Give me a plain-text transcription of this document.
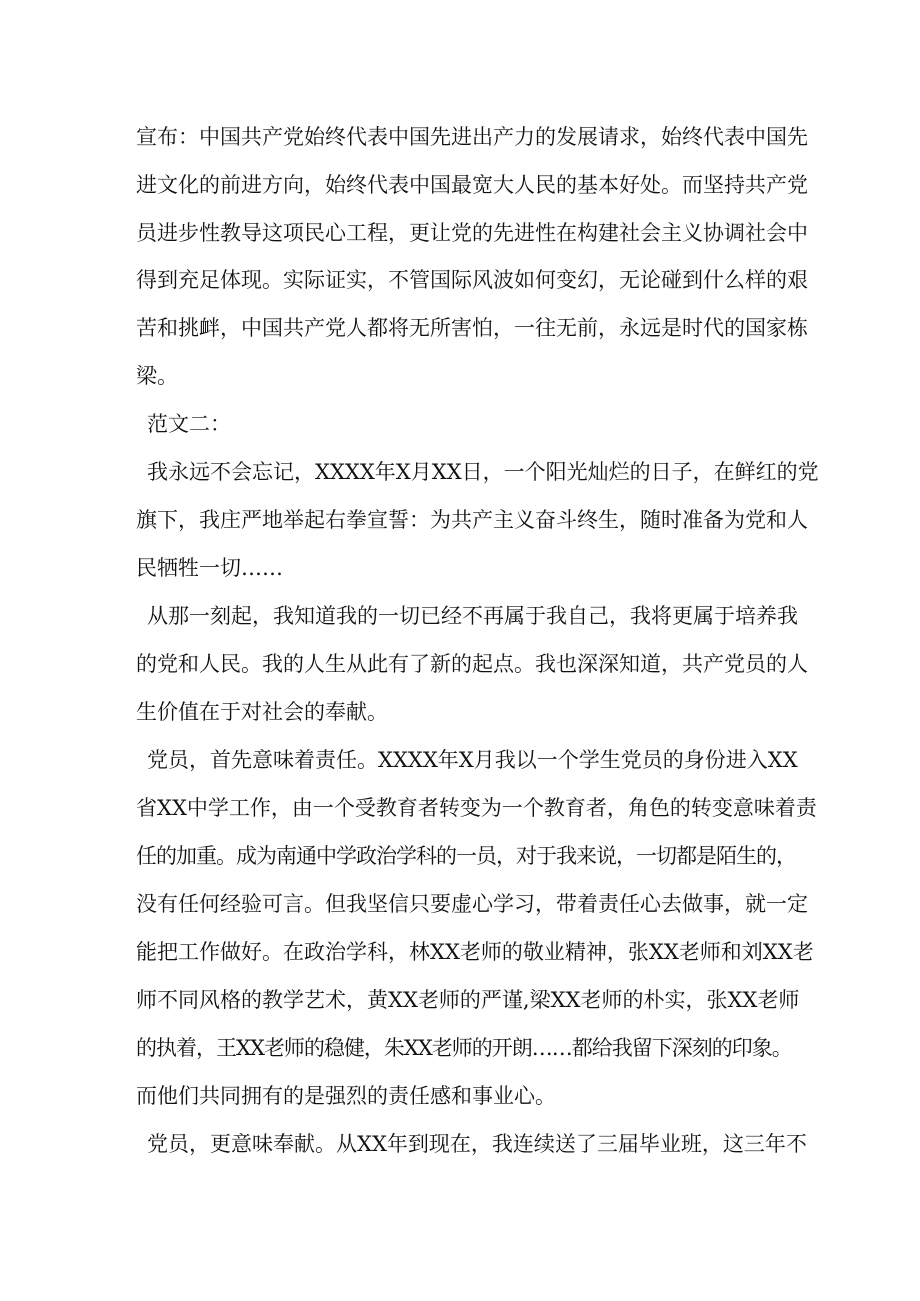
宣布：中国共产党始终代表中国先进出产力的发展请求，始终代表中国先
进文化的前进方向，始终代表中国最宽大人民的基本好处。而坚持共产党
员进步性教导这项民心工程，更让党的先进性在构建社会主义协调社会中
得到充足体现。实际证实，不管国际风波如何变幻，无论碰到什么样的艰
苦和挑衅，中国共产党人都将无所害怕，一往无前，永远是时代的国家栋
梁。
范文二：
我永远不会忘记，XXXX年X月XX日，一个阳光灿烂的日子，在鲜红的党
旗下，我庄严地举起右拳宣誓：为共产主义奋斗终生，随时准备为党和人
民牺牲一切……
从那一刻起，我知道我的一切已经不再属于我自己，我将更属于培养我
的党和人民。我的人生从此有了新的起点。我也深深知道，共产党员的人
生价值在于对社会的奉献。
党员，首先意味着责任。XXXX年X月我以一个学生党员的身份进入XX
省XX中学工作，由一个受教育者转变为一个教育者，角色的转变意味着责
任的加重。成为南通中学政治学科的一员，对于我来说，一切都是陌生的，
没有任何经验可言。但我坚信只要虚心学习，带着责任心去做事，就一定
能把工作做好。在政治学科，林XX老师的敬业精神，张XX老师和刘XX老
师不同风格的教学艺术，黄XX老师的严谨,梁XX老师的朴实，张XX老师
的执着，王XX老师的稳健，朱XX老师的开朗……都给我留下深刻的印象。
而他们共同拥有的是强烈的责任感和事业心。
党员，更意味奉献。从XX年到现在，我连续送了三届毕业班，这三年不
